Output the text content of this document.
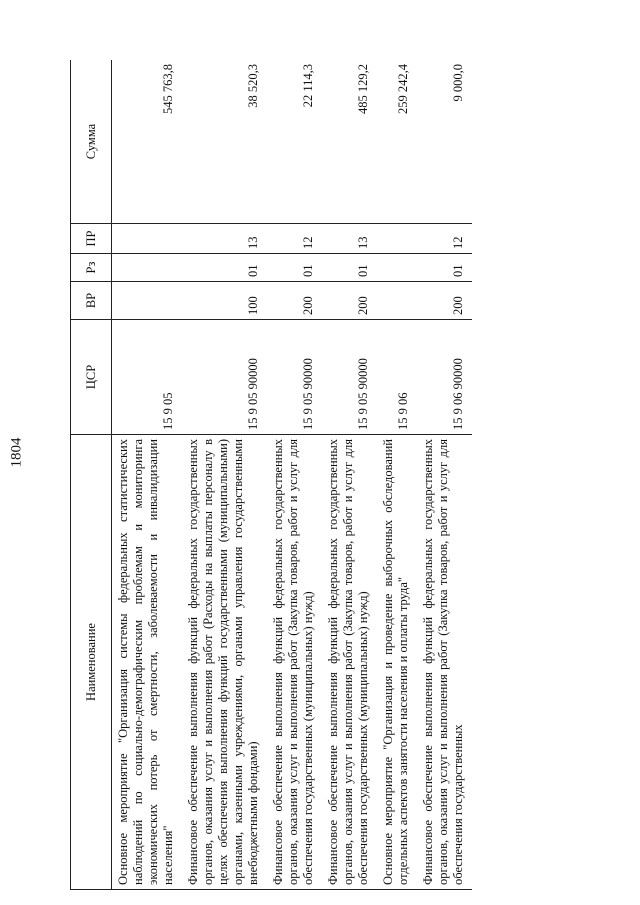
1804
Наименование	ЦСР	ВР	Рз	ПР	Сумма
Основное мероприятие "Организация системы федеральных статистических наблюдений по социально-демографическим проблемам и мониторинга экономических потерь от смертности, заболеваемости и инвалидизации населения"	15 9 05				545 763,8
Финансовое обеспечение выполнения функций федеральных государственных органов, оказания услуг и выполнения работ (Расходы на выплаты персоналу в целях обеспечения выполнения функций государственными (муниципальными) органами, казенными учреждениями, органами управления государственными внебюджетными фондами)	15 9 05 90000	100	01	13	38 520,3
Финансовое обеспечение выполнения функций федеральных государственных органов, оказания услуг и выполнения работ (Закупка товаров, работ и услуг для обеспечения государственных (муниципальных) нужд)	15 9 05 90000	200	01	12	22 114,3
Финансовое обеспечение выполнения функций федеральных государственных органов, оказания услуг и выполнения работ (Закупка товаров, работ и услуг для обеспечения государственных (муниципальных) нужд)	15 9 05 90000	200	01	13	485 129,2
Основное мероприятие "Организация и проведение выборочных обследований отдельных аспектов занятости населения и оплаты труда"	15 9 06				259 242,4
Финансовое обеспечение выполнения функций федеральных государственных органов, оказания услуг и выполнения работ (Закупка товаров, работ и услуг для обеспечения государственных	15 9 06 90000	200	01	12	9 000,0
